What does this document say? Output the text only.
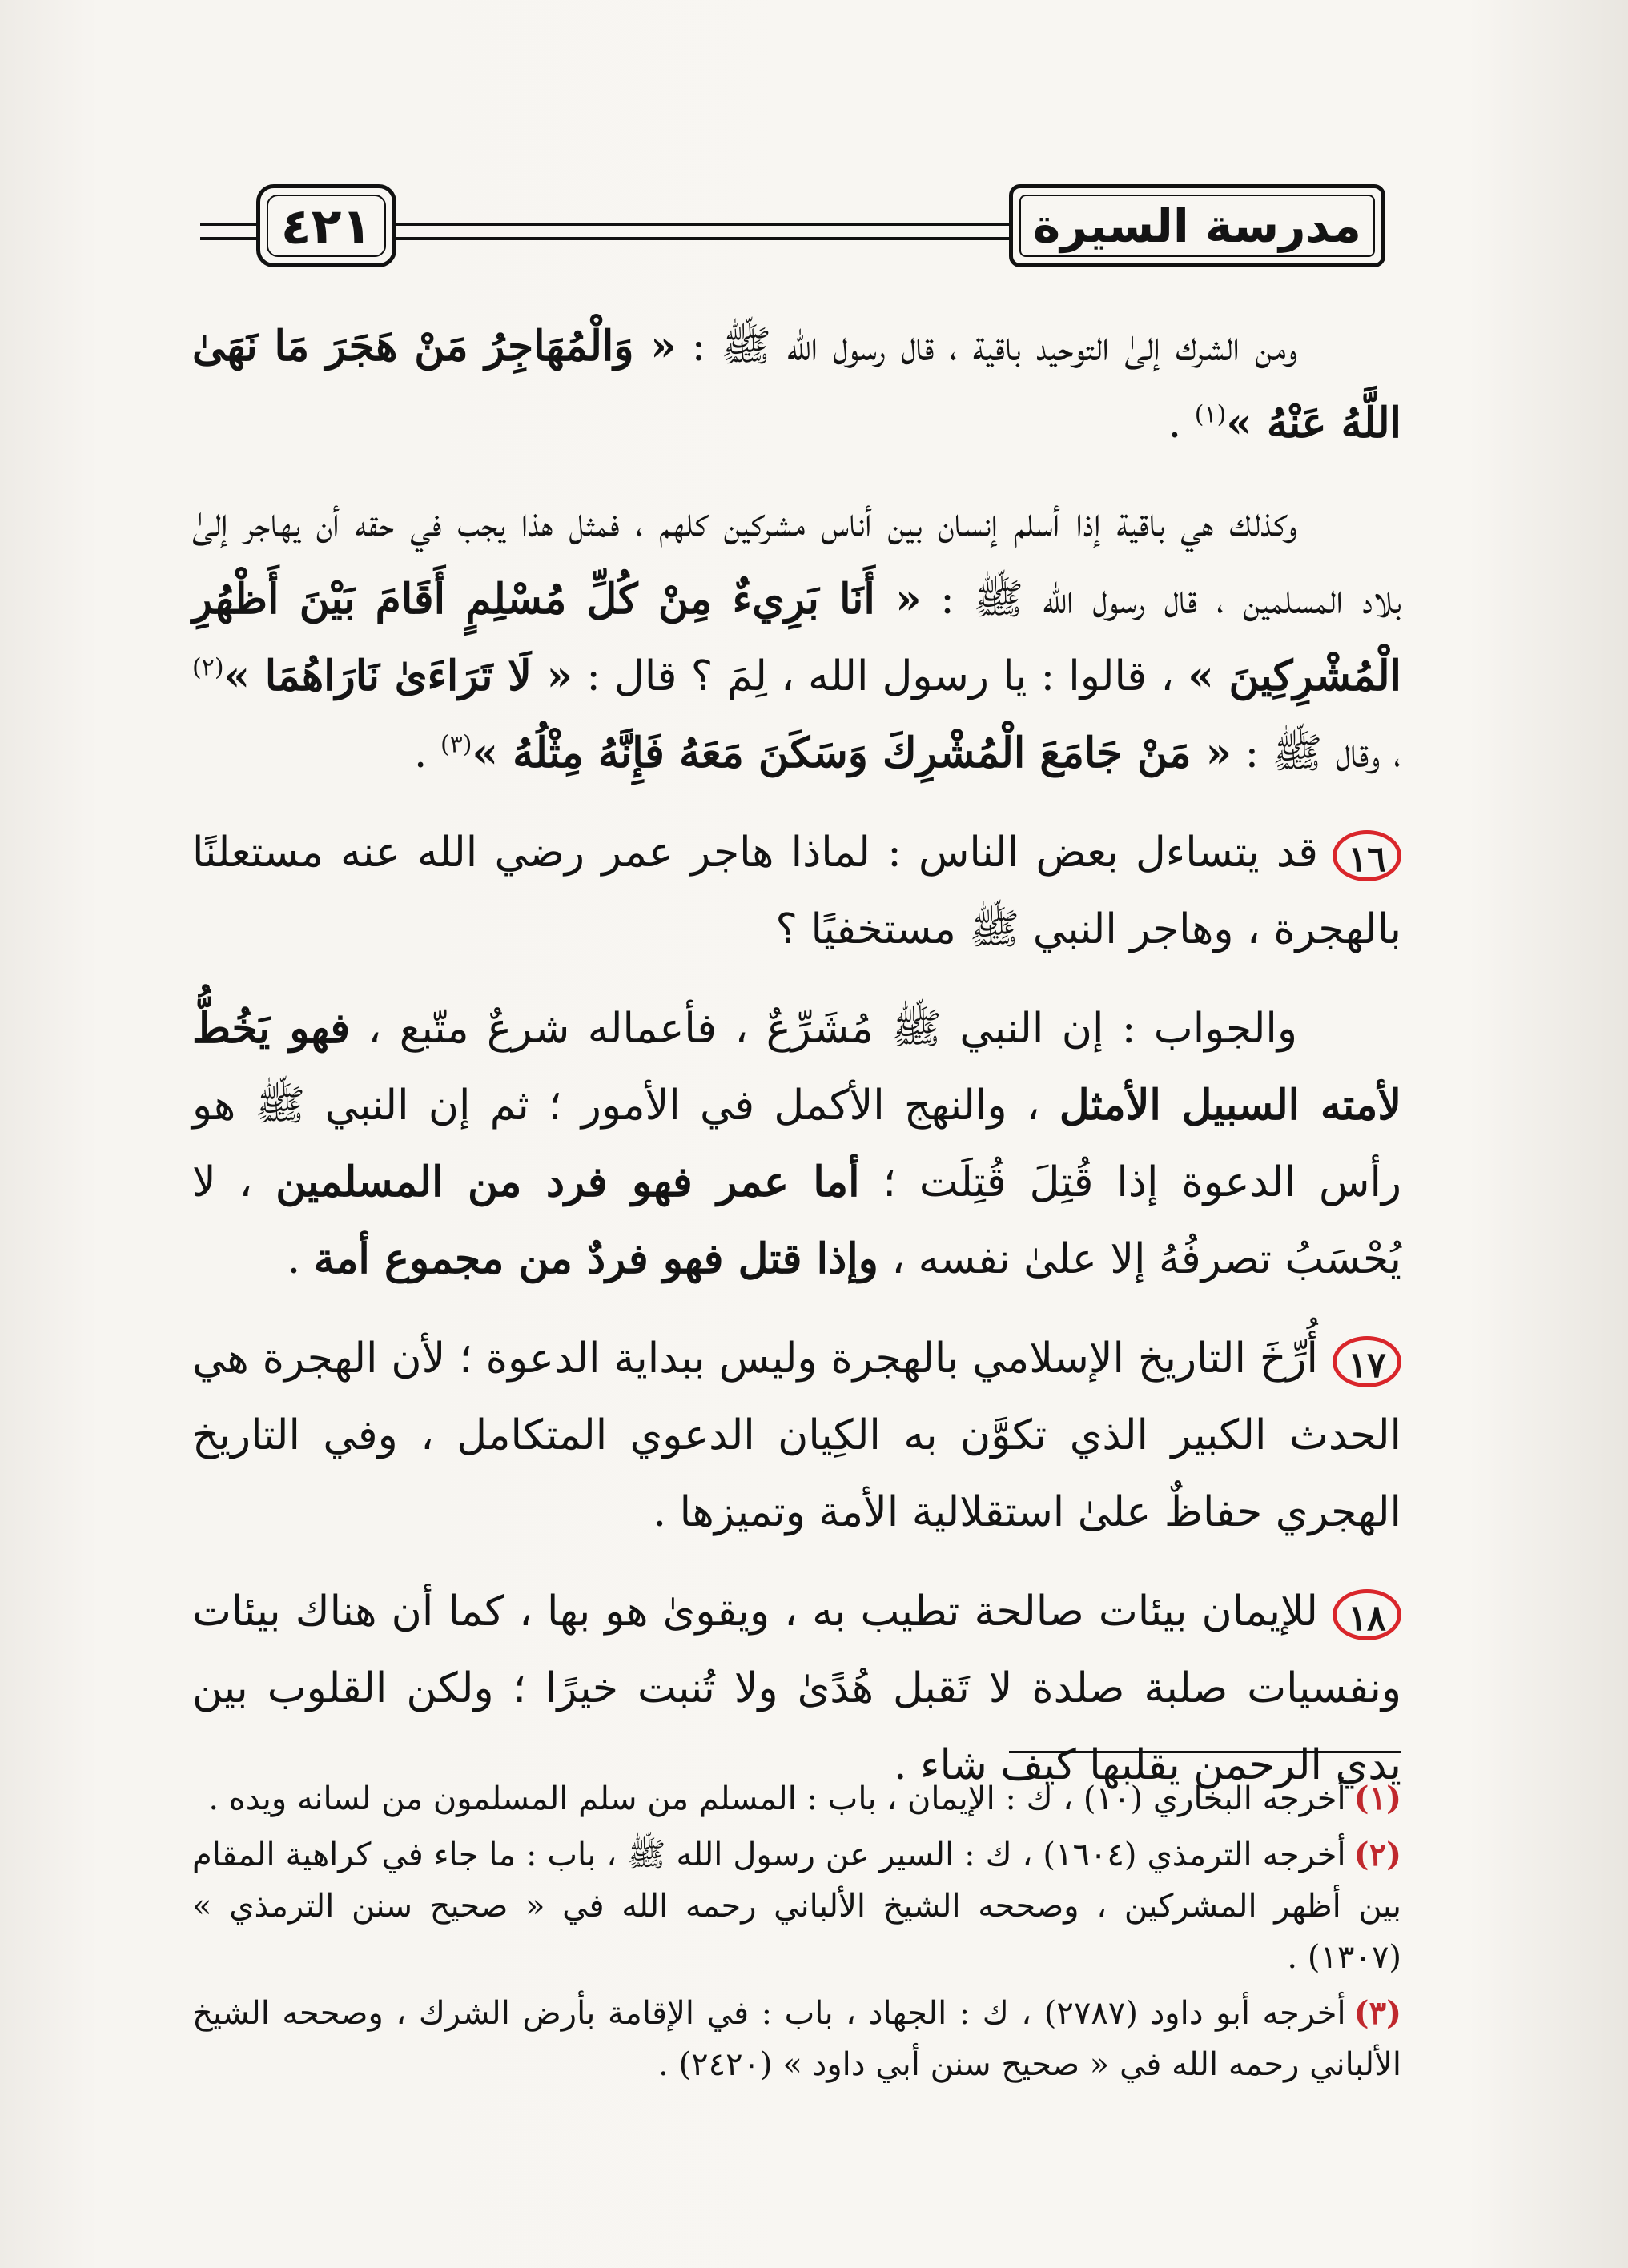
مدرسة السيرة
٤٢١

ومن الشرك إلىٰ التوحيد باقية ، قال رسول الله ﷺ : « وَالْمُهَاجِرُ مَنْ هَجَرَ مَا نَهَىٰ اللَّهُ عَنْهُ »$^{(١)}$ .

وكذلك هي باقية إذا أسلم إنسان بين أناس مشركين كلهم ، فمثل هذا يجب في حقه أن يهاجر إلىٰ بلاد المسلمين ، قال رسول الله ﷺ : « أَنَا بَرِيءٌ مِنْ كُلِّ مُسْلِمٍ أَقَامَ بَيْنَ أَظْهُرِ الْمُشْرِكِينَ » ، قالوا : يا رسول الله ، لِمَ ؟ قال : « لَا تَرَاءَىٰ نَارَاهُمَا »$^{(٢)}$ ، وقال ﷺ : « مَنْ جَامَعَ الْمُشْرِكَ وَسَكَنَ مَعَهُ فَإِنَّهُ مِثْلُهُ »$^{(٣)}$ .

١٦قد يتساءل بعض الناس : لماذا هاجر عمر رضي الله عنه مستعلنًا بالهجرة ، وهاجر النبي ﷺ مستخفيًا ؟

والجواب : إن النبي ﷺ مُشَرِّعٌ ، فأعماله شرعٌ متّبع ، فهو يَخُطُّ لأمته السبيل الأمثل ، والنهج الأكمل في الأمور ؛ ثم إن النبي ﷺ هو رأس الدعوة إذا قُتِلَ قُتِلَت ؛ أما عمر فهو فرد من المسلمين ، لا يُحْسَبُ تصرفُهُ إلا علىٰ نفسه ، وإذا قتل فهو فردٌ من مجموع أمة .

١٧أُرِّخَ التاريخ الإسلامي بالهجرة وليس ببداية الدعوة ؛ لأن الهجرة هي الحدث الكبير الذي تكوَّن به الكِيان الدعوي المتكامل ، وفي التاريخ الهجري حفاظٌ علىٰ استقلالية الأمة وتميزها .

١٨للإيمان بيئات صالحة تطيب به ، ويقوىٰ هو بها ، كما أن هناك بيئات ونفسيات صلبة صلدة لا تَقبل هُدًىٰ ولا تُنبت خيرًا ؛ ولكن القلوب بين يدي الرحمن يقلبها كيف شاء .

(١)أخرجه البخاري (١٠) ، ك : الإيمان ، باب : المسلم من سلم المسلمون من لسانه ويده .

(٢)أخرجه الترمذي (١٦٠٤) ، ك : السير عن رسول الله ﷺ ، باب : ما جاء في كراهية المقام بين أظهر المشركين ، وصححه الشيخ الألباني رحمه الله في « صحيح سنن الترمذي » (١٣٠٧) .

(٣)أخرجه أبو داود (٢٧٨٧) ، ك : الجهاد ، باب : في الإقامة بأرض الشرك ، وصححه الشيخ الألباني رحمه الله في « صحيح سنن أبي داود » (٢٤٢٠) .
